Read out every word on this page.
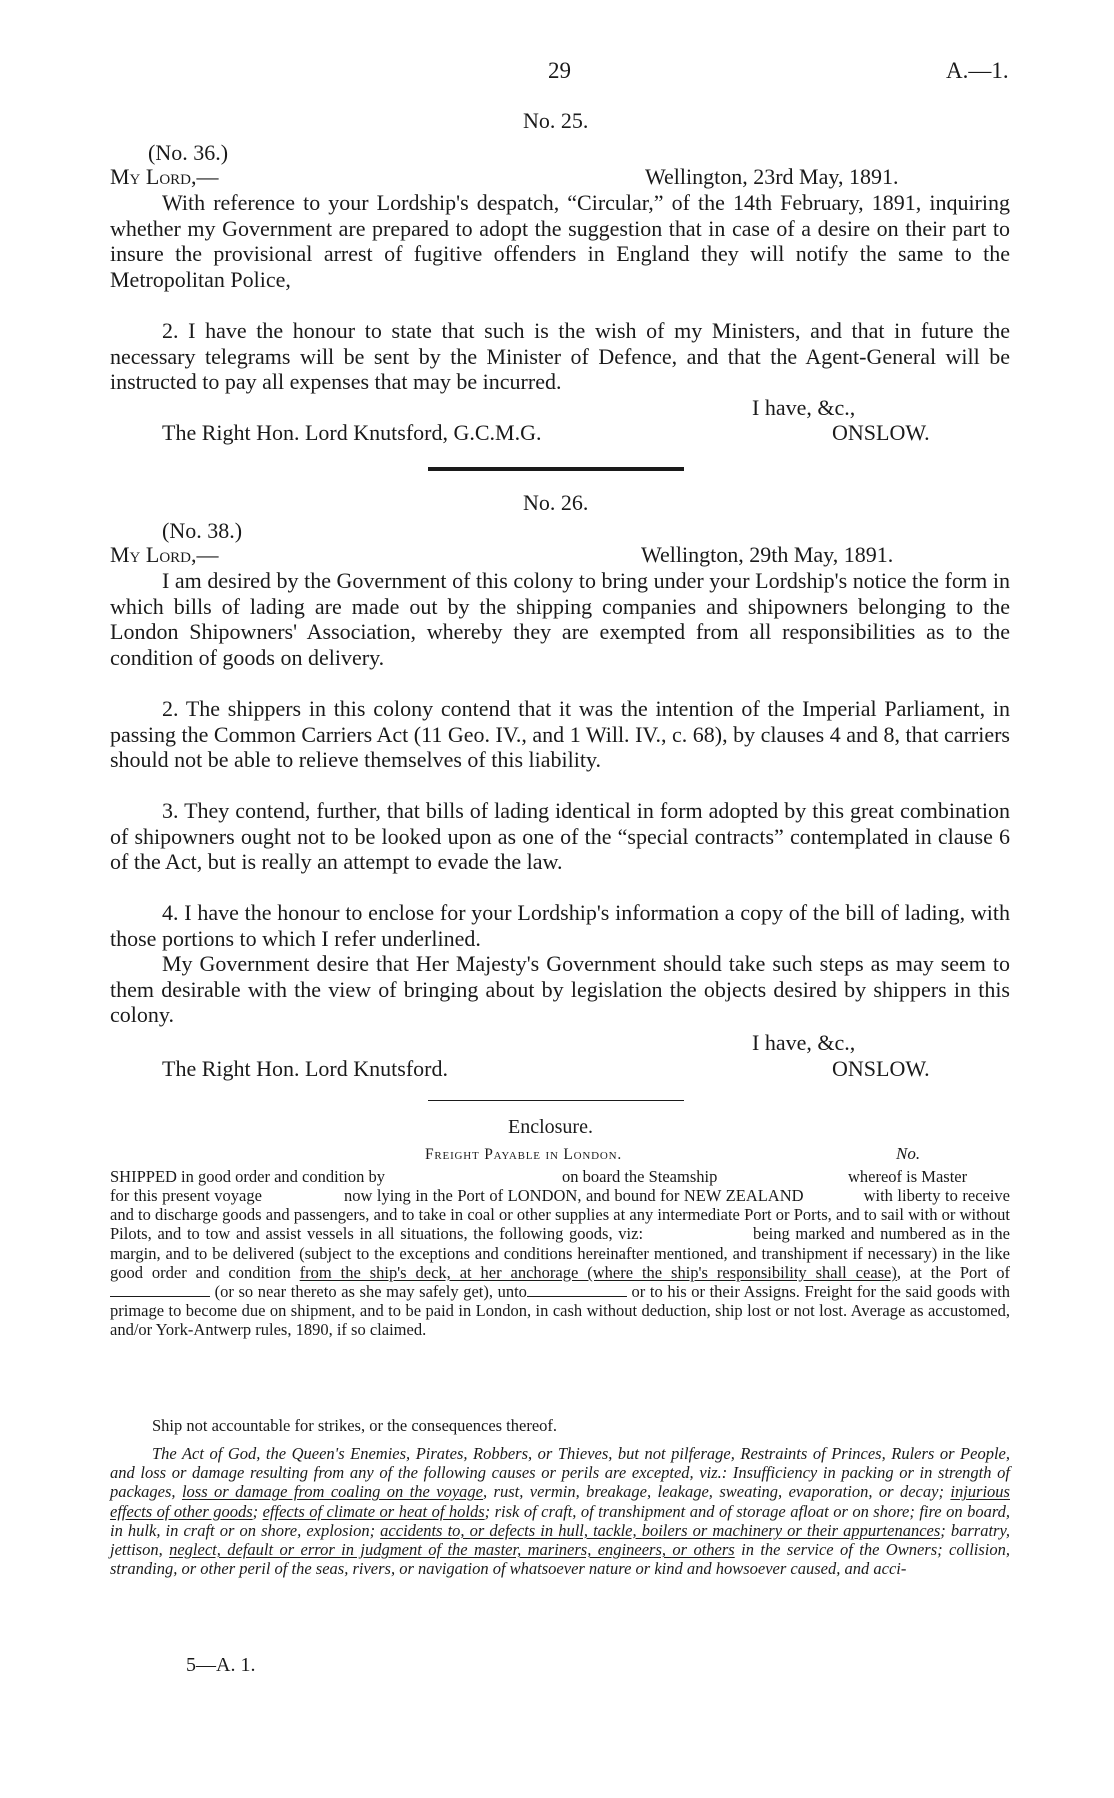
29	A.—1.
No. 25.
(No. 36.)
My Lord,—	Wellington, 23rd May, 1891.
With reference to your Lordship's despatch, “Circular,” of the 14th February, 1891, inquiring whether my Government are prepared to adopt the suggestion that in case of a desire on their part to insure the provisional arrest of fugitive offenders in England they will notify the same to the Metropolitan Police,
2. I have the honour to state that such is the wish of my Ministers, and that in future the necessary telegrams will be sent by the Minister of Defence, and that the Agent-General will be instructed to pay all expenses that may be incurred.
I have, &c.,
The Right Hon. Lord Knutsford, G.C.M.G.	ONSLOW.
No. 26.
(No. 38.)
My Lord,—	Wellington, 29th May, 1891.
I am desired by the Government of this colony to bring under your Lordship's notice the form in which bills of lading are made out by the shipping companies and shipowners belonging to the London Shipowners' Association, whereby they are exempted from all responsibilities as to the condition of goods on delivery.
2. The shippers in this colony contend that it was the intention of the Imperial Parliament, in passing the Common Carriers Act (11 Geo. IV., and 1 Will. IV., c. 68), by clauses 4 and 8, that carriers should not be able to relieve themselves of this liability.
3. They contend, further, that bills of lading identical in form adopted by this great combination of shipowners ought not to be looked upon as one of the “special contracts” contemplated in clause 6 of the Act, but is really an attempt to evade the law.
4. I have the honour to enclose for your Lordship's information a copy of the bill of lading, with those portions to which I refer underlined.
My Government desire that Her Majesty's Government should take such steps as may seem to them desirable with the view of bringing about by legislation the objects desired by shippers in this colony.
I have, &c.,
The Right Hon. Lord Knutsford.	ONSLOW.
Enclosure.
Freight Payable in London.	No.
SHIPPED in good order and condition by	on board the Steamship	whereof is Master
for this present voyage	now lying in the Port of LONDON, and bound for NEW ZEALAND	with liberty to receive and to discharge goods and passengers, and to take in coal or other supplies at any intermediate Port or Ports, and to sail with or without Pilots, and to tow and assist vessels in all situations, the following goods, viz:	being marked and numbered as in the margin, and to be delivered (subject to the exceptions and conditions hereinafter mentioned, and transhipment if necessary) in the like good order and condition from the ship's deck, at her anchorage (where the ship's responsibility shall cease), at the Port of (or so near thereto as she may safely get), unto	or to his or their Assigns. Freight for the said goods with primage to become due on shipment, and to be paid in London, in cash without deduction, ship lost or not lost. Average as accustomed, and/or York-Antwerp rules, 1890, if so claimed.
Ship not accountable for strikes, or the consequences thereof.
The Act of God, the Queen's Enemies, Pirates, Robbers, or Thieves, but not pilferage, Restraints of Princes, Rulers or People, and loss or damage resulting from any of the following causes or perils are excepted, viz.: Insufficiency in packing or in strength of packages, loss or damage from coaling on the voyage, rust, vermin, breakage, leakage, sweating, evaporation, or decay; injurious effects of other goods; effects of climate or heat of holds; risk of craft, of transhipment and of storage afloat or on shore; fire on board, in hulk, in craft or on shore, explosion; accidents to, or defects in hull, tackle, boilers or machinery or their appurtenances; barratry, jettison, neglect, default or error in judgment of the master, mariners, engineers, or others in the service of the Owners; collision, stranding, or other peril of the seas, rivers, or navigation of whatsoever nature or kind and howsoever caused, and acci-
5—A. 1.
